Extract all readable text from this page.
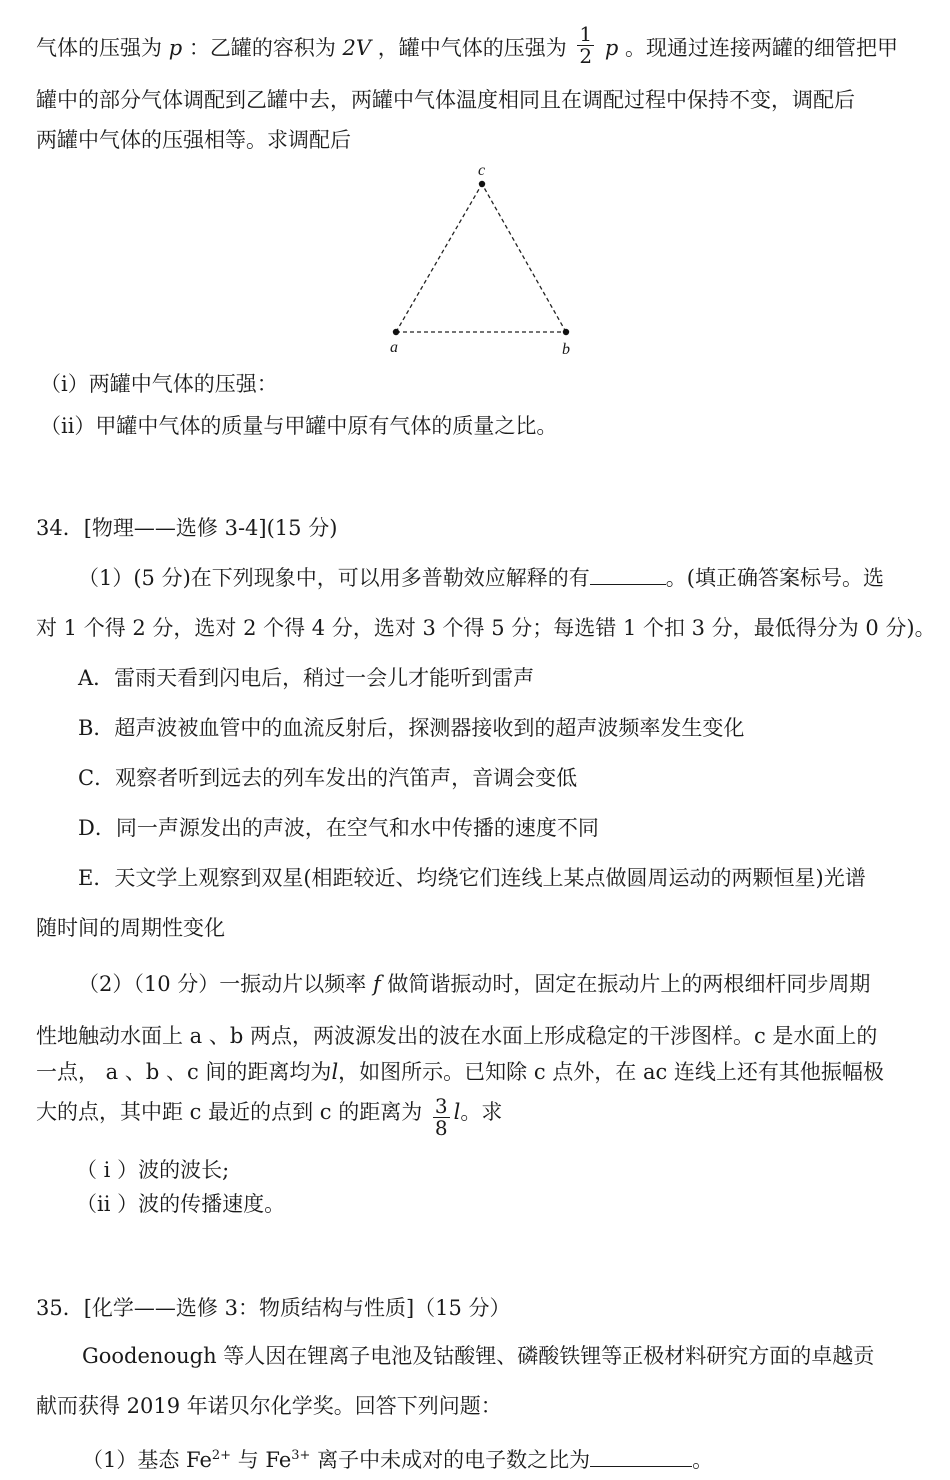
气体的压强为 p ：乙罐的容积为 2V ，罐中气体的压强为 $\frac{1}{2}$ p 。现通过连接两罐的细管把甲
罐中的部分气体调配到乙罐中去，两罐中气体温度相同且在调配过程中保持不变，调配后
两罐中气体的压强相等。求调配后
a	b
c
（i）两罐中气体的压强：
（ii）甲罐中气体的质量与甲罐中原有气体的质量之比。
34．[物理——选修 3-4](15 分)
（1）(5 分)在下列现象中，可以用多普勒效应解释的有	。(填正确答案标号。选
对 1 个得 2 分，选对 2 个得 4 分，选对 3 个得 5 分；每选错 1 个扣 3 分，最低得分为 0 分)。
A．雷雨天看到闪电后，稍过一会儿才能听到雷声
B．超声波被血管中的血流反射后，探测器接收到的超声波频率发生变化
C．观察者听到远去的列车发出的汽笛声，音调会变低
D．同一声源发出的声波，在空气和水中传播的速度不同
E．天文学上观察到双星(相距较近、均绕它们连线上某点做圆周运动的两颗恒星)光谱
随时间的周期性变化
（2）（10 分）一振动片以频率 f 做简谐振动时，固定在振动片上的两根细杆同步周期
性地触动水面上 a 、b 两点，两波源发出的波在水面上形成稳定的干涉图样。c 是水面上的
一点， a 、b 、c 间的距离均为l，如图所示。已知除 c 点外，在 ac 连线上还有其他振幅极
大的点，其中距 c 最近的点到 c 的距离为 $\frac{3}{8}$ l。求
（ i ）波的波长;
（ii ）波的传播速度。
35．[化学——选修 3：物质结构与性质]（15 分）
Goodenough 等人因在锂离子电池及钴酸锂、磷酸铁锂等正极材料研究方面的卓越贡
献而获得 2019 年诺贝尔化学奖。回答下列问题：
（1）基态 $Fe^{2+}$ 与 $Fe^{3+}$ 离子中未成对的电子数之比为	。
